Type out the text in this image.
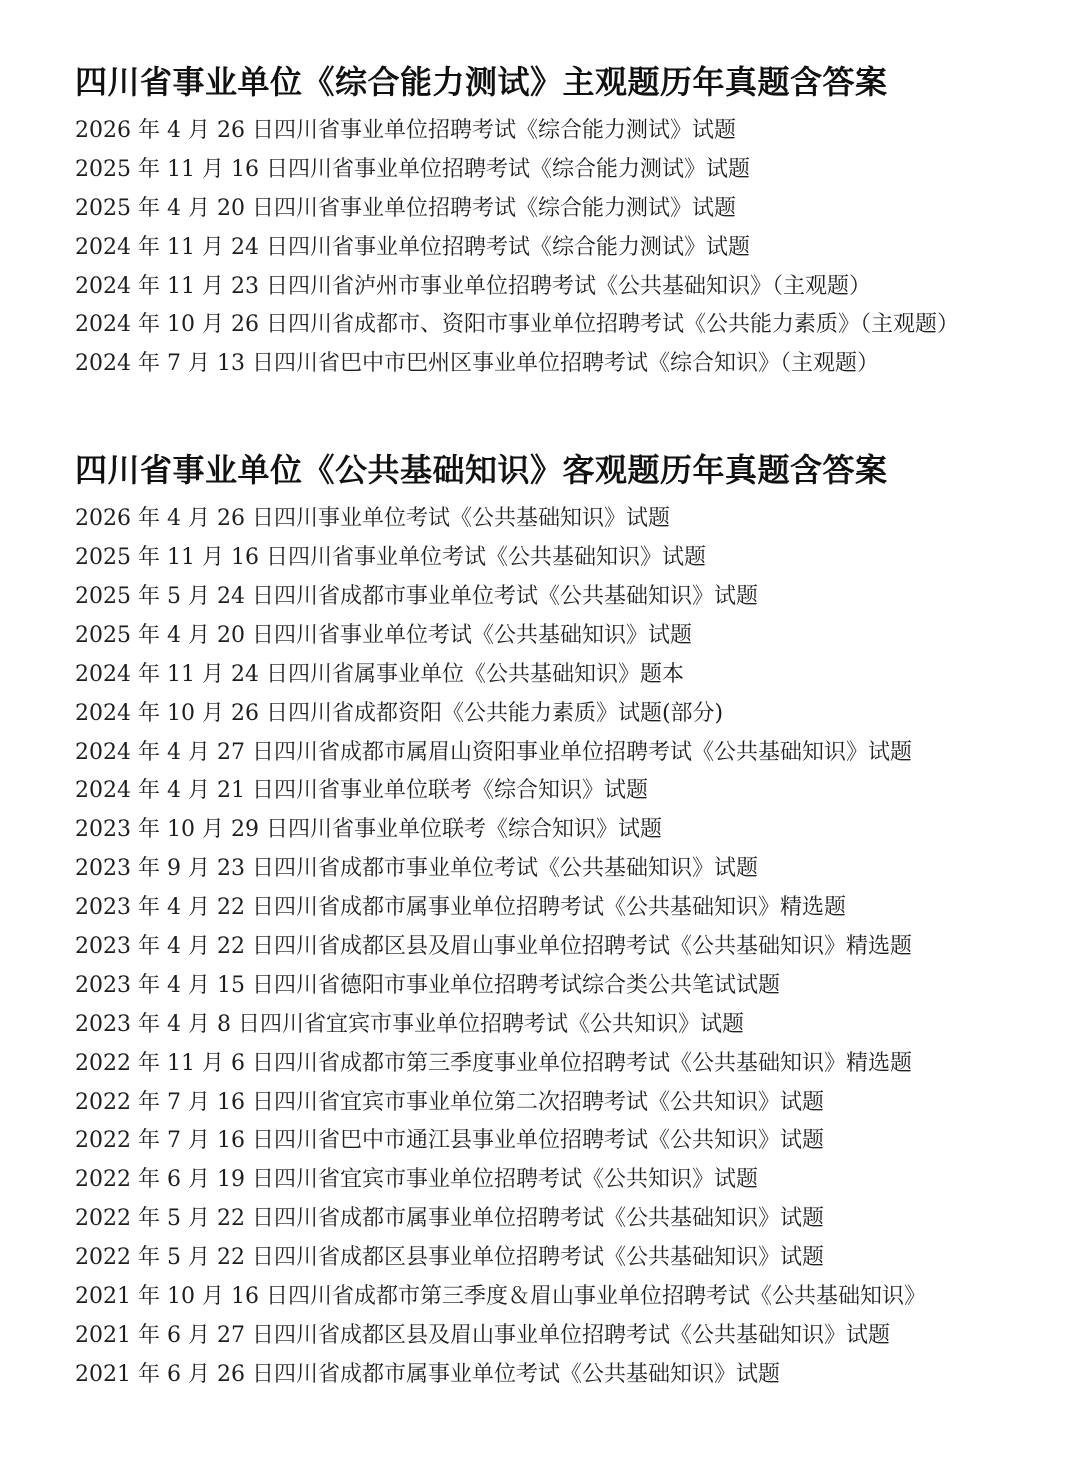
四川省事业单位《综合能力测试》主观题历年真题含答案
2026 年 4 月 26 日四川省事业单位招聘考试《综合能力测试》试题
2025 年 11 月 16 日四川省事业单位招聘考试《综合能力测试》试题
2025 年 4 月 20 日四川省事业单位招聘考试《综合能力测试》试题
2024 年 11 月 24 日四川省事业单位招聘考试《综合能力测试》试题
2024 年 11 月 23 日四川省泸州市事业单位招聘考试《公共基础知识》（主观题）
2024 年 10 月 26 日四川省成都市、资阳市事业单位招聘考试《公共能力素质》（主观题）
2024 年 7 月 13 日四川省巴中市巴州区事业单位招聘考试《综合知识》（主观题）
四川省事业单位《公共基础知识》客观题历年真题含答案
2026 年 4 月 26 日四川事业单位考试《公共基础知识》试题
2025 年 11 月 16 日四川省事业单位考试《公共基础知识》试题
2025 年 5 月 24 日四川省成都市事业单位考试《公共基础知识》试题
2025 年 4 月 20 日四川省事业单位考试《公共基础知识》试题
2024 年 11 月 24 日四川省属事业单位《公共基础知识》题本
2024 年 10 月 26 日四川省成都资阳《公共能力素质》试题(部分)
2024 年 4 月 27 日四川省成都市属眉山资阳事业单位招聘考试《公共基础知识》试题
2024 年 4 月 21 日四川省事业单位联考《综合知识》试题
2023 年 10 月 29 日四川省事业单位联考《综合知识》试题
2023 年 9 月 23 日四川省成都市事业单位考试《公共基础知识》试题
2023 年 4 月 22 日四川省成都市属事业单位招聘考试《公共基础知识》精选题
2023 年 4 月 22 日四川省成都区县及眉山事业单位招聘考试《公共基础知识》精选题
2023 年 4 月 15 日四川省德阳市事业单位招聘考试综合类公共笔试试题
2023 年 4 月 8 日四川省宜宾市事业单位招聘考试《公共知识》试题
2022 年 11 月 6 日四川省成都市第三季度事业单位招聘考试《公共基础知识》精选题
2022 年 7 月 16 日四川省宜宾市事业单位第二次招聘考试《公共知识》试题
2022 年 7 月 16 日四川省巴中市通江县事业单位招聘考试《公共知识》试题
2022 年 6 月 19 日四川省宜宾市事业单位招聘考试《公共知识》试题
2022 年 5 月 22 日四川省成都市属事业单位招聘考试《公共基础知识》试题
2022 年 5 月 22 日四川省成都区县事业单位招聘考试《公共基础知识》试题
2021 年 10 月 16 日四川省成都市第三季度＆眉山事业单位招聘考试《公共基础知识》
2021 年 6 月 27 日四川省成都区县及眉山事业单位招聘考试《公共基础知识》试题
2021 年 6 月 26 日四川省成都市属事业单位考试《公共基础知识》试题
